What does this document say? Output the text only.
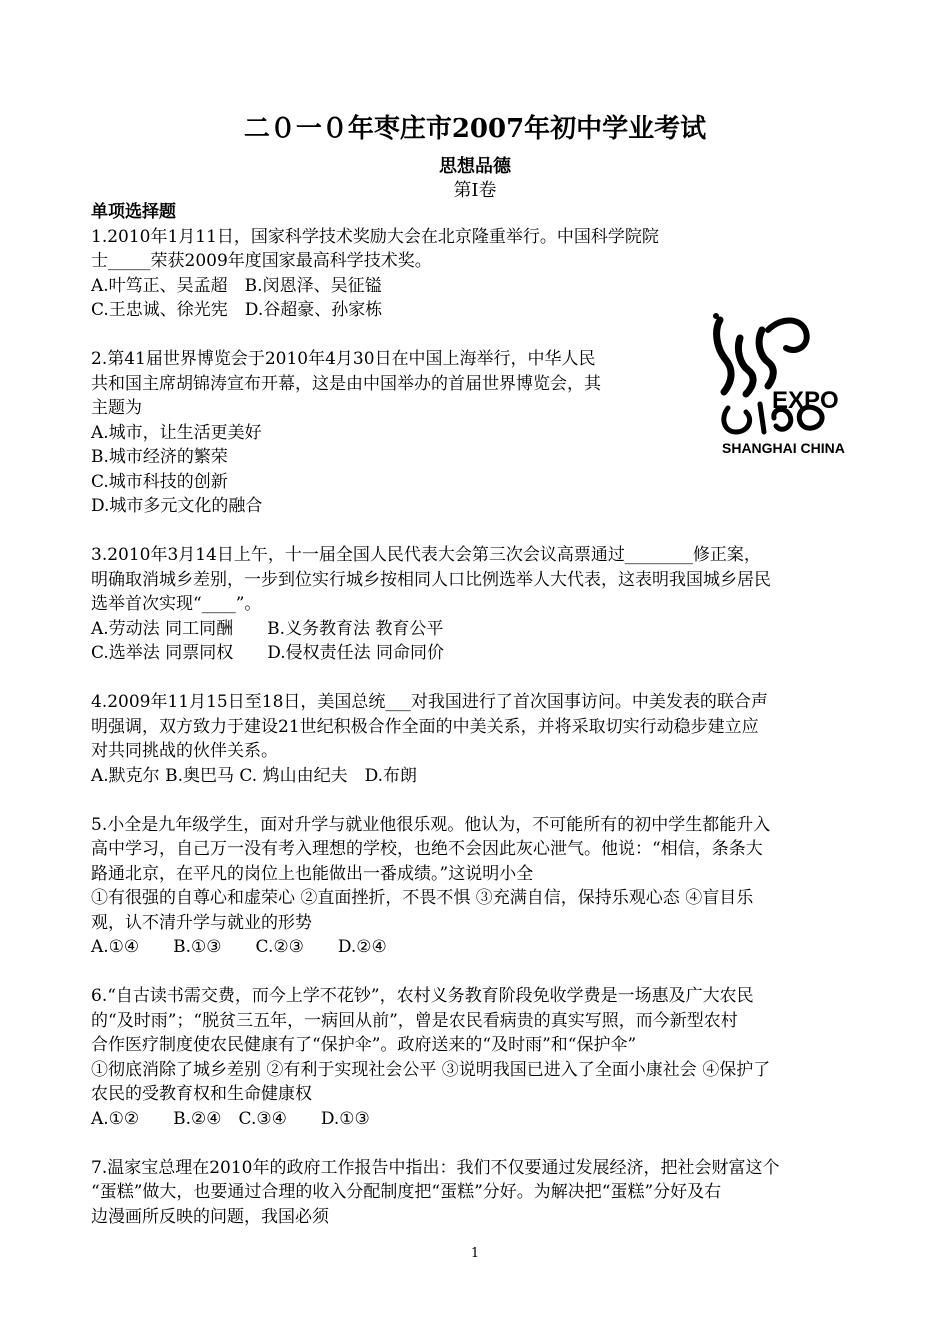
二０一０年枣庄市2007年初中学业考试
思想品德
第Ⅰ卷
单项选择题

1.2010年1月11日，国家科学技术奖励大会在北京隆重举行。中国科学院院

士_____荣获2009年度国家最高科学技术奖。

A.叶笃正、吴孟超　B.闵恩泽、吴征镒

C.王忠诚、徐光宪　D.谷超豪、孙家栋

2.第41届世界博览会于2010年4月30日在中国上海举行，中华人民

共和国主席胡锦涛宣布开幕，这是由中国举办的首届世界博览会，其

主题为

A.城市，让生活更美好

B.城市经济的繁荣

C.城市科技的创新

D.城市多元文化的融合

3.2010年3月14日上午，十一届全国人民代表大会第三次会议高票通过________修正案，

明确取消城乡差别，一步到位实行城乡按相同人口比例选举人大代表，这表明我国城乡居民

选举首次实现“____”。

A.劳动法 同工同酬　　B.义务教育法 教育公平

C.选举法 同票同权　　D.侵权责任法 同命同价

4.2009年11月15日至18日，美国总统___对我国进行了首次国事访问。中美发表的联合声

明强调，双方致力于建设21世纪积极合作全面的中美关系，并将采取切实行动稳步建立应

对共同挑战的伙伴关系。

A.默克尔 B.奥巴马 C. 鸩山由纪夫　D.布朗

5.小全是九年级学生，面对升学与就业他很乐观。他认为，不可能所有的初中学生都能升入

高中学习，自己万一没有考入理想的学校，也绝不会因此灰心泄气。他说：“相信，条条大

路通北京，在平凡的岗位上也能做出一番成绩。”这说明小全

①有很强的自尊心和虚荣心 ②直面挫折，不畏不惧 ③充满自信，保持乐观心态 ④盲目乐

观，认不清升学与就业的形势

A.①④　　B.①③　　C.②③　　D.②④

6.“自古读书需交费，而今上学不花钞”，农村义务教育阶段免收学费是一场惠及广大农民

的“及时雨”；“脱贫三五年，一病回从前”，曾是农民看病贵的真实写照，而今新型农村

合作医疗制度使农民健康有了“保护伞”。政府送来的“及时雨”和“保护伞”

①彻底消除了城乡差别 ②有利于实现社会公平 ③说明我国已进入了全面小康社会 ④保护了

农民的受教育权和生命健康权

A.①②　　B.②④　C.③④　　D.①③

7.温家宝总理在2010年的政府工作报告中指出：我们不仅要通过发展经济，把社会财富这个

“蛋糕”做大，也要通过合理的收入分配制度把“蛋糕”分好。为解决把“蛋糕”分好及右

边漫画所反映的问题，我国必须

EXPO
SHANGHAI CHINA
1
